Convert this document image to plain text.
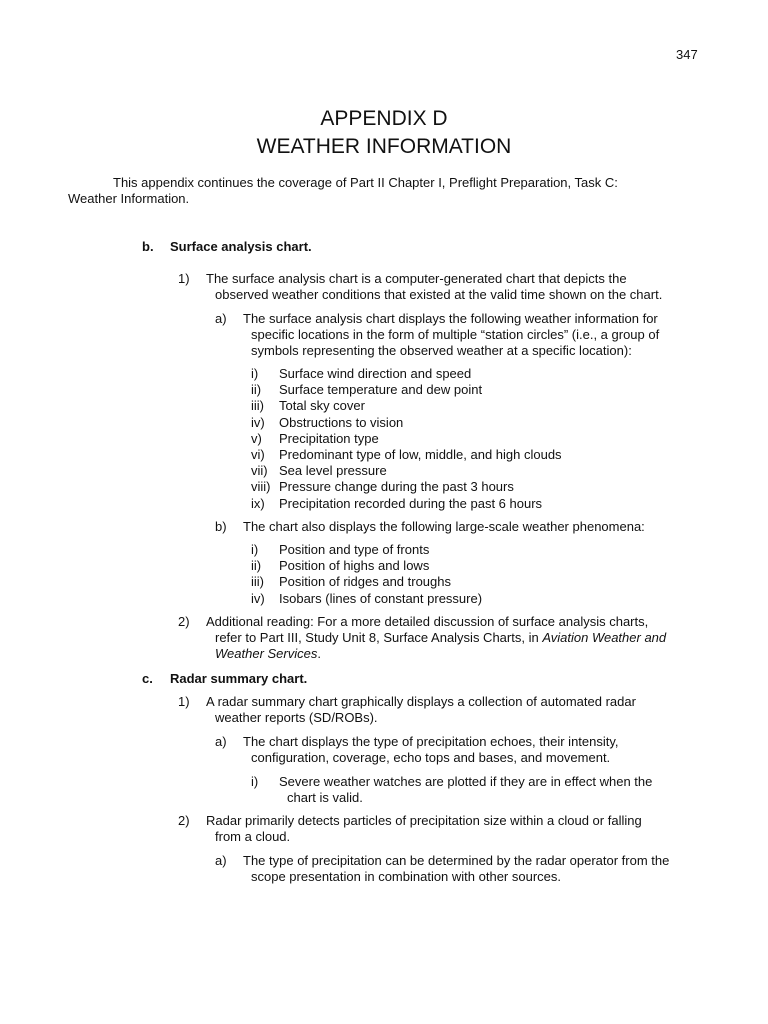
347
APPENDIX D
WEATHER INFORMATION
This appendix continues the coverage of Part II Chapter I, Preflight Preparation, Task C:
Weather Information.
b. Surface analysis chart.
1) The surface analysis chart is a computer-generated chart that depicts the
observed weather conditions that existed at the valid time shown on the chart.
a) The surface analysis chart displays the following weather information for
specific locations in the form of multiple “station circles” (i.e., a group of
symbols representing the observed weather at a specific location):
i) Surface wind direction and speed
ii) Surface temperature and dew point
iii) Total sky cover
iv) Obstructions to vision
v) Precipitation type
vi) Predominant type of low, middle, and high clouds
vii) Sea level pressure
viii) Pressure change during the past 3 hours
ix) Precipitation recorded during the past 6 hours
b) The chart also displays the following large-scale weather phenomena:
i) Position and type of fronts
ii) Position of highs and lows
iii) Position of ridges and troughs
iv) Isobars (lines of constant pressure)
2) Additional reading: For a more detailed discussion of surface analysis charts,
refer to Part III, Study Unit 8, Surface Analysis Charts, in Aviation Weather and
Weather Services.
c. Radar summary chart.
1) A radar summary chart graphically displays a collection of automated radar
weather reports (SD/ROBs).
a) The chart displays the type of precipitation echoes, their intensity,
configuration, coverage, echo tops and bases, and movement.
i) Severe weather watches are plotted if they are in effect when the
chart is valid.
2) Radar primarily detects particles of precipitation size within a cloud or falling
from a cloud.
a) The type of precipitation can be determined by the radar operator from the
scope presentation in combination with other sources.
